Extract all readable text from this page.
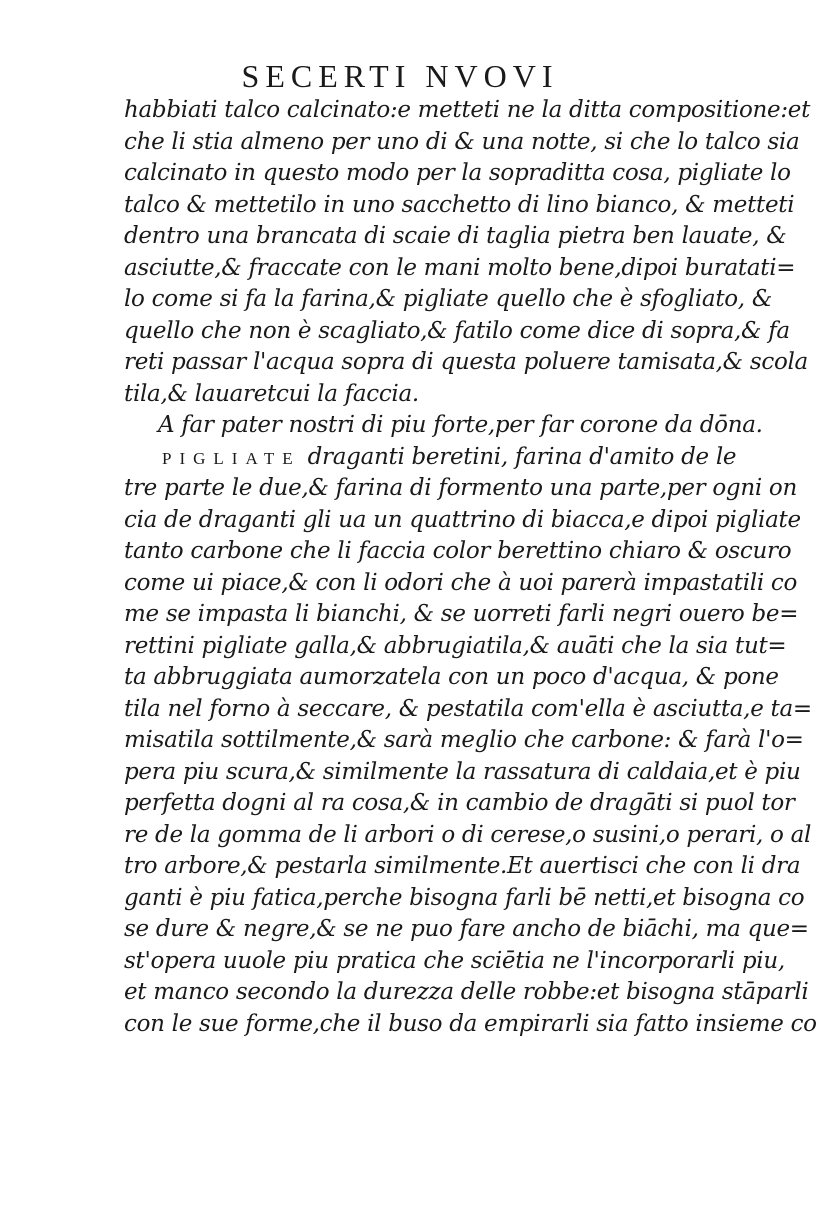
SECERTI NVOVI
habbiati talco calcinato:e metteti ne la ditta compositione:et
che li stia almeno per uno di & una notte, si che lo talco sia
calcinato in questo modo per la sopraditta cosa, pigliate lo
talco & mettetilo in uno sacchetto di lino bianco, & metteti
dentro una brancata di scaie di taglia pietra ben lauate, &
asciutte,& fraccate con le mani molto bene,dipoi buratati=
lo come si fa la farina,& pigliate quello che è sfogliato, &
quello che non è scagliato,& fatilo come dice di sopra,& fa
reti passar l'acqua sopra di questa poluere tamisata,& scola
tila,& lauaretcui la faccia.
A far pater nostri di piu forte,per far corone da dōna.
PIGLIATE draganti beretini, farina d'amito de le
tre parte le due,& farina di formento una parte,per ogni on
cia de draganti gli ua un quattrino di biacca,e dipoi pigliate
tanto carbone che li faccia color berettino chiaro & oscuro
come ui piace,& con li odori che à uoi parerà impastatili co
me se impasta li bianchi, & se uorreti farli negri ouero be=
rettini pigliate galla,& abbrugiatila,& auāti che la sia tut=
ta abbruggiata aumorzatela con un poco d'acqua, & pone
tila nel forno à seccare, & pestatila com'ella è asciutta,e ta=
misatila sottilmente,& sarà meglio che carbone: & farà l'o=
pera piu scura,& similmente la rassatura di caldaia,et è piu
perfetta dogni al ra cosa,& in cambio de dragāti si puol tor
re de la gomma de li arbori o di cerese,o susini,o perari, o al
tro arbore,& pestarla similmente.Et auertisci che con li dra
ganti è piu fatica,perche bisogna farli bē netti,et bisogna co
se dure & negre,& se ne puo fare ancho de biāchi, ma que=
st'opera uuole piu pratica che sciētia ne l'incorporarli piu,
et manco secondo la durezza delle robbe:et bisogna stāparli
con le sue forme,che il buso da empirarli sia fatto insieme co
